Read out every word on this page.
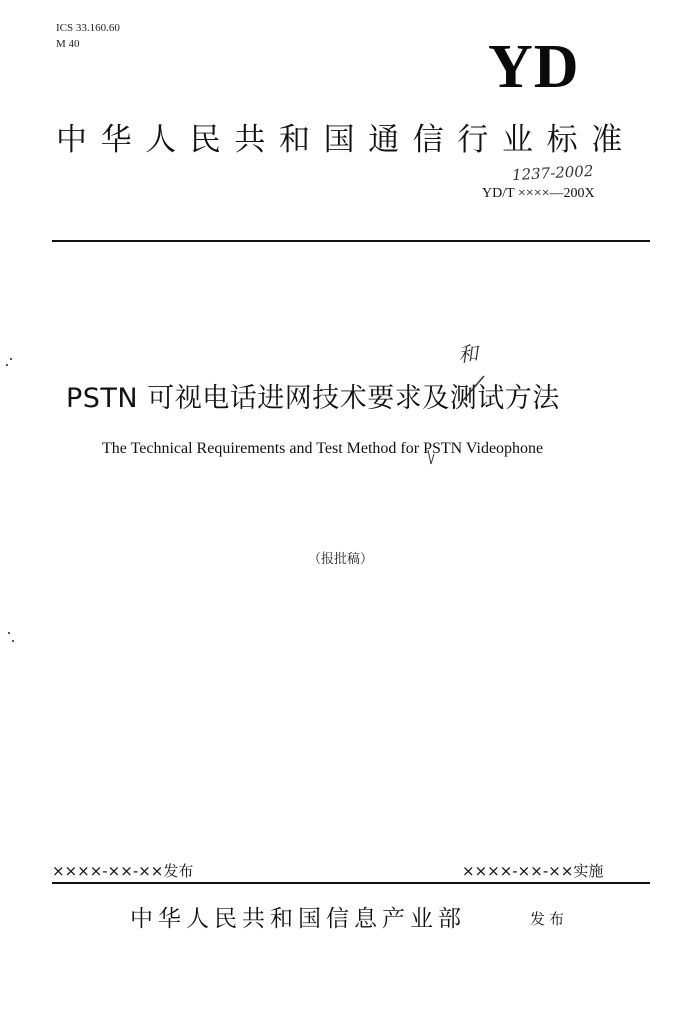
ICS 33.160.60
M 40	YD
中华人民共和国通信行业标准
1237-2002
YD/T ××××—200X
和
PSTN 可视电话进网技术要求及测试方法
The Technical Requirements and Test Method for PSTN Videophone
（报批稿）
××××-××-××发布	××××-××-××实施
中华人民共和国信息产业部	发布
